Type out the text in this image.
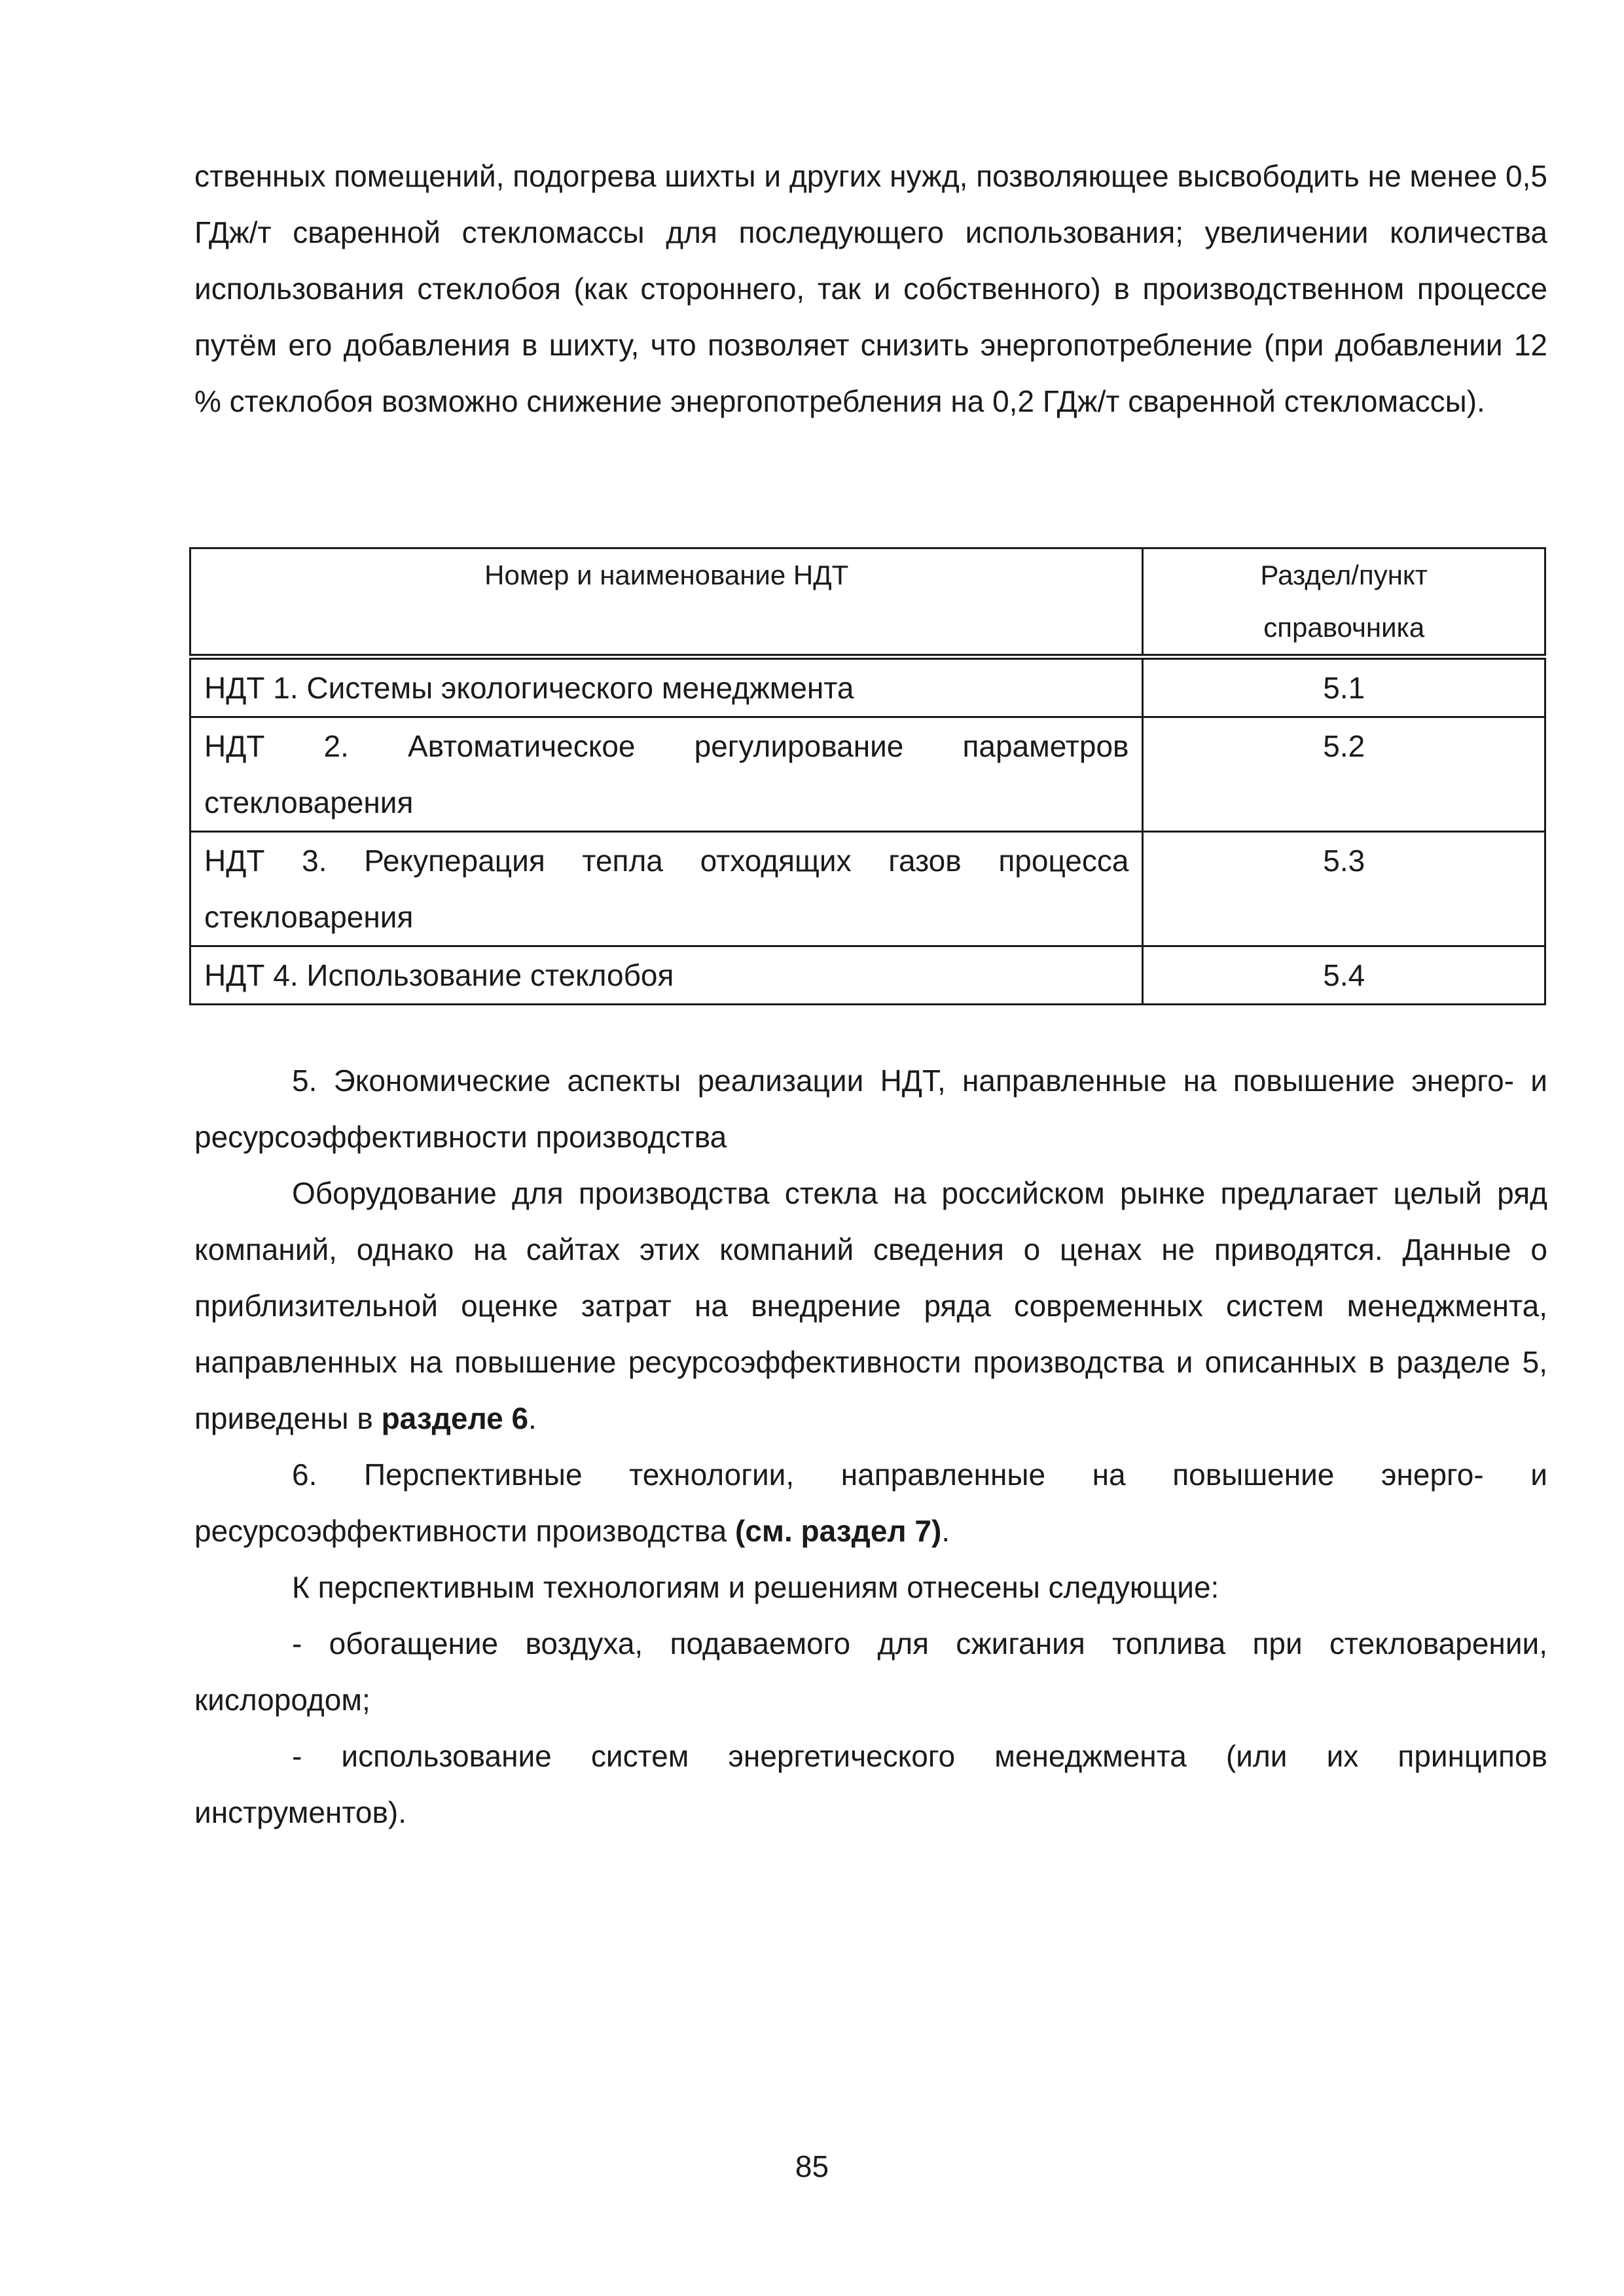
ственных помещений, подогрева шихты и других нужд, позволяющее высвободить не менее 0,5 ГДж/т сваренной стекломассы для последующего использования; увеличении количества использования стеклобоя (как стороннего, так и собственного) в производственном процессе путём его добавления в шихту, что позволяет снизить энергопотребление (при добавлении 12 % стеклобоя возможно снижение энергопотребления на 0,2 ГДж/т сваренной стекломассы).

Номер и наименование НДТ	Раздел/пункт
справочника
НДТ 1. Системы экологического менеджмента	5.1
НДТ 2. Автоматическое регулирование параметров стекловарения	5.2
НДТ 3. Рекуперация тепла отходящих газов процесса стекловарения	5.3
НДТ 4. Использование стеклобоя	5.4

5. Экономические аспекты реализации НДТ, направленные на повышение энерго- и ресурсоэффективности производства

Оборудование для производства стекла на российском рынке предлагает целый ряд компаний, однако на сайтах этих компаний сведения о ценах не приводятся. Данные о приблизительной оценке затрат на внедрение ряда современных систем менеджмента, направленных на повышение ресурсоэффективности производства и описанных в разделе 5, приведены в разделе 6.

6. Перспективные технологии, направленные на повышение энерго- и ресурсоэффективности производства (см. раздел 7).

К перспективным технологиям и решениям отнесены следующие:

- обогащение воздуха, подаваемого для сжигания топлива при стекловарении, кислородом;

- использование систем энергетического менеджмента (или их принципов инструментов).

85
